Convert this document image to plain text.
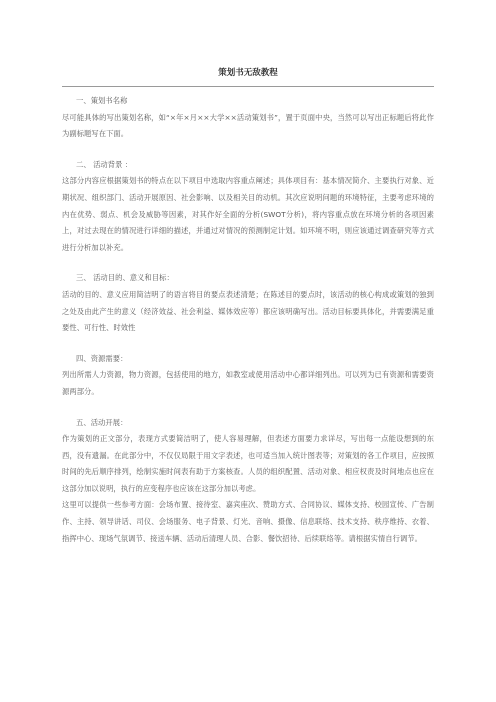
策划书无敌教程

一、策划书名称

尽可能具体的写出策划名称，如“×年×月××大学××活动策划书”，置于页面中央，当然可以写出正标题后将此作为副标题写在下面。

二、 活动背景 ：

这部分内容应根据策划书的特点在以下项目中选取内容重点阐述；具体项目有：基本情况简介、主要执行对象、近期状况、组织部门、活动开展原因、社会影响、以及相关目的动机。其次应说明问题的环境特征，主要考虑环境的内在优势、弱点、机会及威胁等因素，对其作好全面的分析(SWOT分析)，将内容重点放在环境分析的各项因素上，对过去现在的情况进行详细的描述，并通过对情况的预测制定计划。如环境不明，则应该通过调查研究等方式进行分析加以补充。

三、 活动目的、意义和目标：

活动的目的、意义应用简洁明了的语言将目的要点表述清楚；在陈述目的要点时，该活动的核心构成或策划的独到之处及由此产生的意义（经济效益、社会利益、媒体效应等）都应该明确写出。活动目标要具体化，并需要满足重要性、可行性、时效性

四、资源需要：

列出所需人力资源，物力资源，包括使用的地方，如教室或使用活动中心都详细列出。可以列为已有资源和需要资源两部分。

五、活动开展：

作为策划的正文部分，表现方式要简洁明了，使人容易理解，但表述方面要力求详尽，写出每一点能设想到的东西，没有遗漏。在此部分中，不仅仅局限于用文字表述，也可适当加入统计图表等；对策划的各工作项目，应按照时间的先后顺序排列，绘制实施时间表有助于方案核查。人员的组织配置、活动对象、相应权责及时间地点也应在这部分加以说明，执行的应变程序也应该在这部分加以考虑。

这里可以提供一些参考方面：会场布置、接待室、嘉宾座次、赞助方式、合同协议、媒体支持、校园宣传、广告制作、主持、领导讲话、司仪、会场服务、电子背景、灯光、音响、摄像、信息联络、技术支持、秩序维持、衣着、指挥中心、现场气氛调节、接送车辆、活动后清理人员、合影、餐饮招待、后续联络等。请根据实情自行调节。
